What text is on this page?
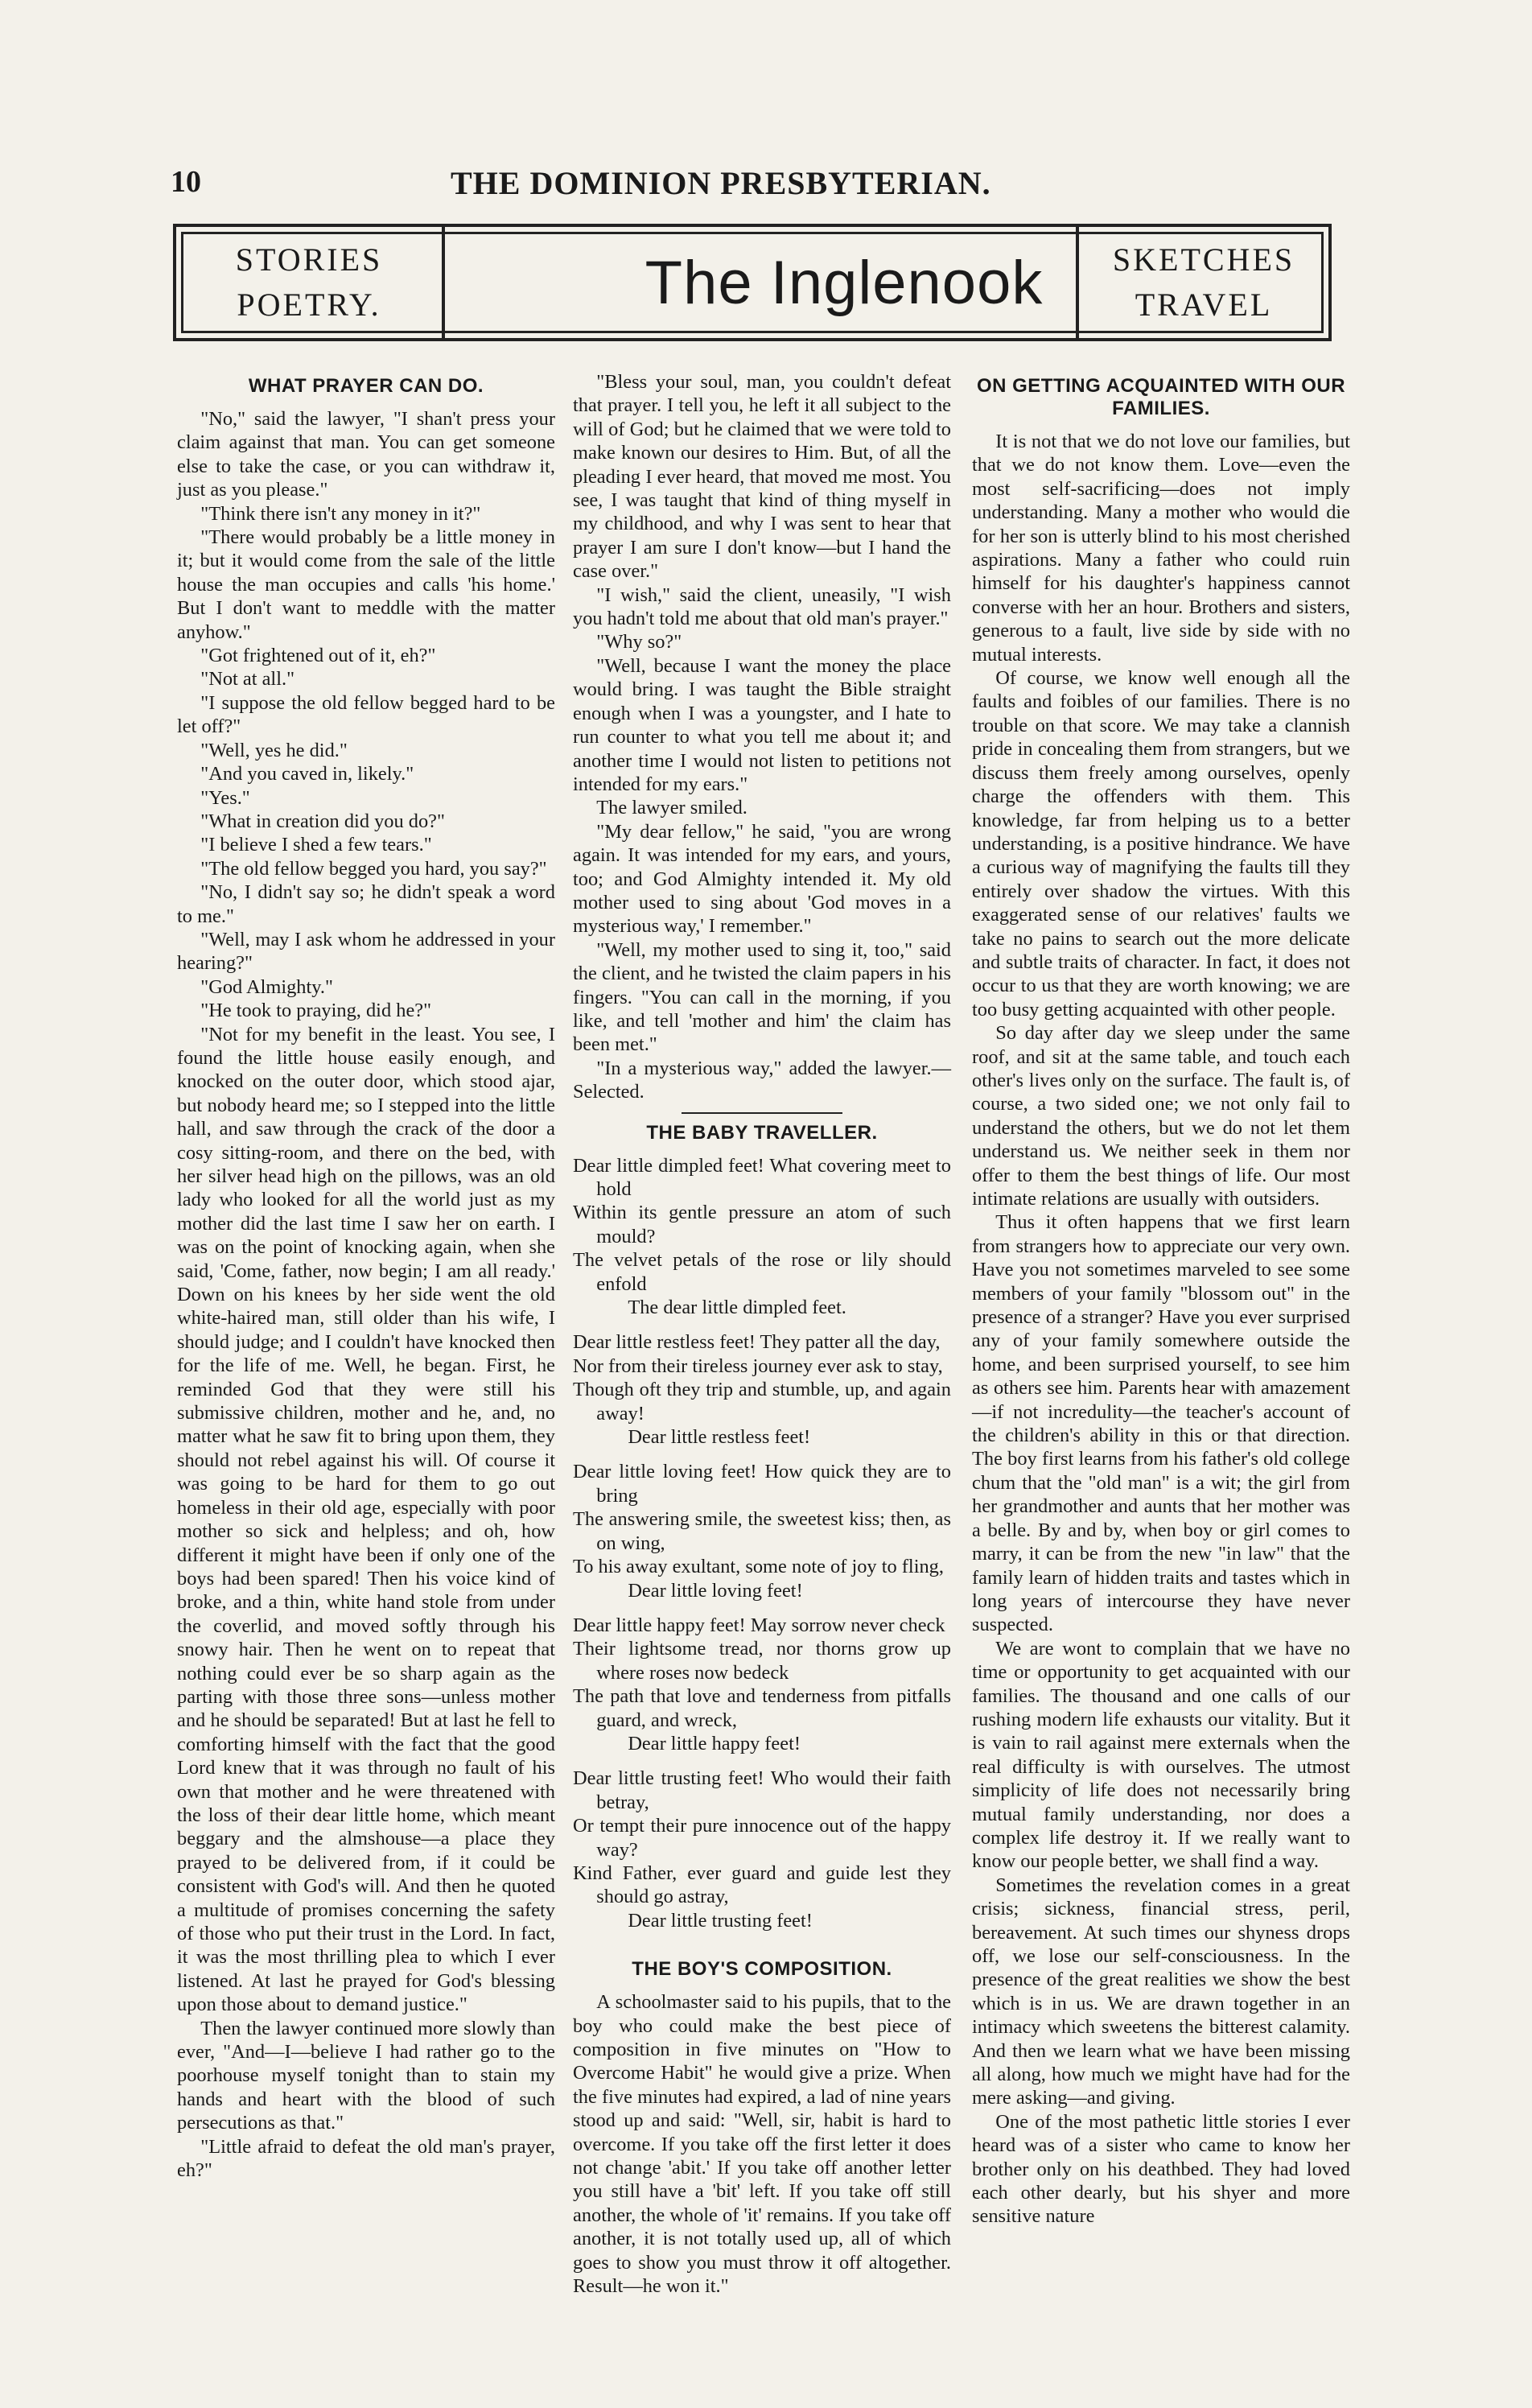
10	THE DOMINION PRESBYTERIAN.
STORIES
POETRY.	The Inglenook SKETCHES
TRAVEL
WHAT PRAYER CAN DO.

"No," said the lawyer, "I shan't press your claim against that man. You can get someone else to take the case, or you can withdraw it, just as you please."

"Think there isn't any money in it?"

"There would probably be a little money in it; but it would come from the sale of the little house the man occupies and calls 'his home.' But I don't want to meddle with the matter anyhow."

"Got frightened out of it, eh?"

"Not at all."

"I suppose the old fellow begged hard to be let off?"

"Well, yes he did."

"And you caved in, likely."

"Yes."

"What in creation did you do?"

"I believe I shed a few tears."

"The old fellow begged you hard, you say?"

"No, I didn't say so; he didn't speak a word to me."

"Well, may I ask whom he addressed in your hearing?"

"God Almighty."

"He took to praying, did he?"

"Not for my benefit in the least. You see, I found the little house easily enough, and knocked on the outer door, which stood ajar, but nobody heard me; so I stepped into the little hall, and saw through the crack of the door a cosy sitting-room, and there on the bed, with her silver head high on the pillows, was an old lady who looked for all the world just as my mother did the last time I saw her on earth. I was on the point of knocking again, when she said, 'Come, father, now begin; I am all ready.' Down on his knees by her side went the old white-haired man, still older than his wife, I should judge; and I couldn't have knocked then for the life of me. Well, he began. First, he reminded God that they were still his submissive children, mother and he, and, no matter what he saw fit to bring upon them, they should not rebel against his will. Of course it was going to be hard for them to go out homeless in their old age, especially with poor mother so sick and helpless; and oh, how different it might have been if only one of the boys had been spared! Then his voice kind of broke, and a thin, white hand stole from under the coverlid, and moved softly through his snowy hair. Then he went on to repeat that nothing could ever be so sharp again as the parting with those three sons—unless mother and he should be separated! But at last he fell to comforting himself with the fact that the good Lord knew that it was through no fault of his own that mother and he were threatened with the loss of their dear little home, which meant beggary and the almshouse—a place they prayed to be delivered from, if it could be consistent with God's will. And then he quoted a multitude of promises concerning the safety of those who put their trust in the Lord. In fact, it was the most thrilling plea to which I ever listened. At last he prayed for God's blessing upon those about to demand justice."

Then the lawyer continued more slowly than ever, "And—I—believe I had rather go to the poorhouse myself tonight than to stain my hands and heart with the blood of such persecutions as that."

"Little afraid to defeat the old man's prayer, eh?"

"Bless your soul, man, you couldn't defeat that prayer. I tell you, he left it all subject to the will of God; but he claimed that we were told to make known our desires to Him. But, of all the pleading I ever heard, that moved me most. You see, I was taught that kind of thing myself in my childhood, and why I was sent to hear that prayer I am sure I don't know—but I hand the case over."

"I wish," said the client, uneasily, "I wish you hadn't told me about that old man's prayer."

"Why so?"

"Well, because I want the money the place would bring. I was taught the Bible straight enough when I was a youngster, and I hate to run counter to what you tell me about it; and another time I would not listen to petitions not intended for my ears."

The lawyer smiled.

"My dear fellow," he said, "you are wrong again. It was intended for my ears, and yours, too; and God Almighty intended it. My old mother used to sing about 'God moves in a mysterious way,' I remember."

"Well, my mother used to sing it, too," said the client, and he twisted the claim papers in his fingers. "You can call in the morning, if you like, and tell 'mother and him' the claim has been met."

"In a mysterious way," added the lawyer.—Selected.

THE BABY TRAVELLER.

Dear little dimpled feet! What covering meet to hold

Within its gentle pressure an atom of such mould?

The velvet petals of the rose or lily should enfold

The dear little dimpled feet.

Dear little restless feet! They patter all the day,

Nor from their tireless journey ever ask to stay,

Though oft they trip and stumble, up, and again away!

Dear little restless feet!

Dear little loving feet! How quick they are to bring

The answering smile, the sweetest kiss; then, as on wing,

To his away exultant, some note of joy to fling,

Dear little loving feet!

Dear little happy feet! May sorrow never check

Their lightsome tread, nor thorns grow up where roses now bedeck

The path that love and tenderness from pitfalls guard, and wreck,

Dear little happy feet!

Dear little trusting feet! Who would their faith betray,

Or tempt their pure innocence out of the happy way?

Kind Father, ever guard and guide lest they should go astray,

Dear little trusting feet!

THE BOY'S COMPOSITION.

A schoolmaster said to his pupils, that to the boy who could make the best piece of composition in five minutes on "How to Overcome Habit" he would give a prize. When the five minutes had expired, a lad of nine years stood up and said: "Well, sir, habit is hard to overcome. If you take off the first letter it does not change 'abit.' If you take off another letter you still have a 'bit' left. If you take off still another, the whole of 'it' remains. If you take off another, it is not totally used up, all of which goes to show you must throw it off altogether. Result—he won it."

ON GETTING ACQUAINTED WITH OUR FAMILIES.

It is not that we do not love our families, but that we do not know them. Love—even the most self-sacrificing—does not imply understanding. Many a mother who would die for her son is utterly blind to his most cherished aspirations. Many a father who could ruin himself for his daughter's happiness cannot converse with her an hour. Brothers and sisters, generous to a fault, live side by side with no mutual interests.

Of course, we know well enough all the faults and foibles of our families. There is no trouble on that score. We may take a clannish pride in concealing them from strangers, but we discuss them freely among ourselves, openly charge the offenders with them. This knowledge, far from helping us to a better understanding, is a positive hindrance. We have a curious way of magnifying the faults till they entirely over shadow the virtues. With this exaggerated sense of our relatives' faults we take no pains to search out the more delicate and subtle traits of character. In fact, it does not occur to us that they are worth knowing; we are too busy getting acquainted with other people.

So day after day we sleep under the same roof, and sit at the same table, and touch each other's lives only on the surface. The fault is, of course, a two sided one; we not only fail to understand the others, but we do not let them understand us. We neither seek in them nor offer to them the best things of life. Our most intimate relations are usually with outsiders.

Thus it often happens that we first learn from strangers how to appreciate our very own. Have you not sometimes marveled to see some members of your family "blossom out" in the presence of a stranger? Have you ever surprised any of your family somewhere outside the home, and been surprised yourself, to see him as others see him. Parents hear with amazement—if not incredulity—the teacher's account of the children's ability in this or that direction. The boy first learns from his father's old college chum that the "old man" is a wit; the girl from her grandmother and aunts that her mother was a belle. By and by, when boy or girl comes to marry, it can be from the new "in law" that the family learn of hidden traits and tastes which in long years of intercourse they have never suspected.

We are wont to complain that we have no time or opportunity to get acquainted with our families. The thousand and one calls of our rushing modern life exhausts our vitality. But it is vain to rail against mere externals when the real difficulty is with ourselves. The utmost simplicity of life does not necessarily bring mutual family understanding, nor does a complex life destroy it. If we really want to know our people better, we shall find a way.

Sometimes the revelation comes in a great crisis; sickness, financial stress, peril, bereavement. At such times our shyness drops off, we lose our self-consciousness. In the presence of the great realities we show the best which is in us. We are drawn together in an intimacy which sweetens the bitterest calamity. And then we learn what we have been missing all along, how much we might have had for the mere asking—and giving.

One of the most pathetic little stories I ever heard was of a sister who came to know her brother only on his deathbed. They had loved each other dearly, but his shyer and more sensitive nature
